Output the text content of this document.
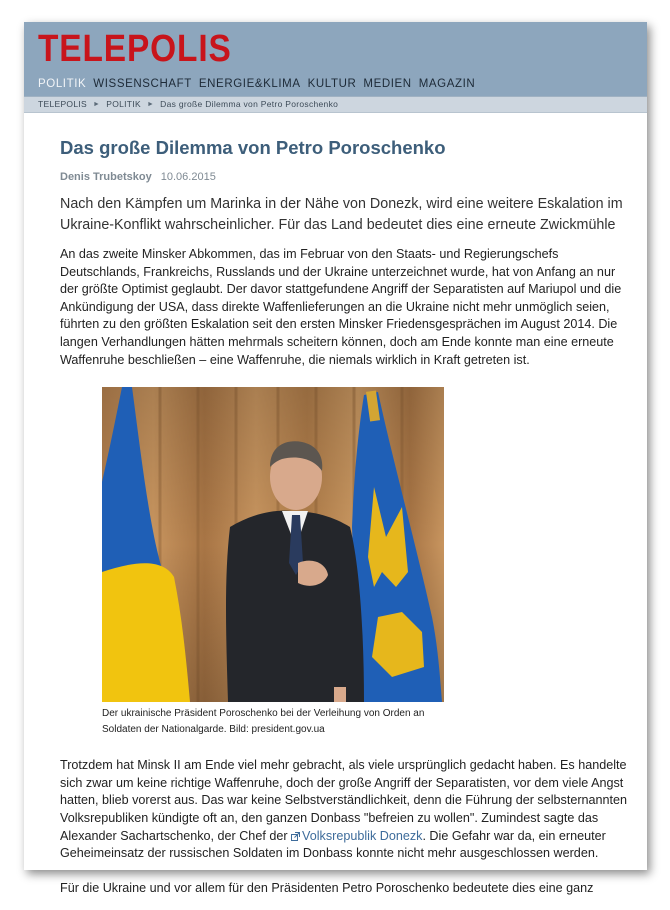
TELEPOLIS
POLITIK WISSENSCHAFT ENERGIE&KLIMA KULTUR MEDIEN MAGAZIN
TELEPOLIS ► POLITIK ► Das große Dilemma von Petro Poroschenko
Das große Dilemma von Petro Poroschenko
Denis Trubetskoy 10.06.2015
Nach den Kämpfen um Marinka in der Nähe von Donezk, wird eine weitere Eskalation im Ukraine-Konflikt wahrscheinlicher. Für das Land bedeutet dies eine erneute Zwickmühle

An das zweite Minsker Abkommen, das im Februar von den Staats- und Regierungschefs Deutschlands, Frankreichs, Russlands und der Ukraine unterzeichnet wurde, hat von Anfang an nur der größte Optimist geglaubt. Der davor stattgefundene Angriff der Separatisten auf Mariupol und die Ankündigung der USA, dass direkte Waffenlieferungen an die Ukraine nicht mehr unmöglich seien, führten zu den größten Eskalation seit den ersten Minsker Friedensgesprächen im August 2014. Die langen Verhandlungen hätten mehrmals scheitern können, doch am Ende konnte man eine erneute Waffenruhe beschließen – eine Waffenruhe, die niemals wirklich in Kraft getreten ist.

Der ukrainische Präsident Poroschenko bei der Verleihung von Orden an Soldaten der Nationalgarde. Bild: president.gov.ua

Trotzdem hat Minsk II am Ende viel mehr gebracht, als viele ursprünglich gedacht haben. Es handelte sich zwar um keine richtige Waffenruhe, doch der große Angriff der Separatisten, vor dem viele Angst hatten, blieb vorerst aus. Das war keine Selbstverständlichkeit, denn die Führung der selbsternannten Volksrepubliken kündigte oft an, den ganzen Donbass "befreien zu wollen". Zumindest sagte das Alexander Sachartschenko, der Chef der Volksrepublik Donezk. Die Gefahr war da, ein erneuter Geheimeinsatz der russischen Soldaten im Donbass konnte nicht mehr ausgeschlossen werden.

Für die Ukraine und vor allem für den Präsidenten Petro Poroschenko bedeutete dies eine ganz
